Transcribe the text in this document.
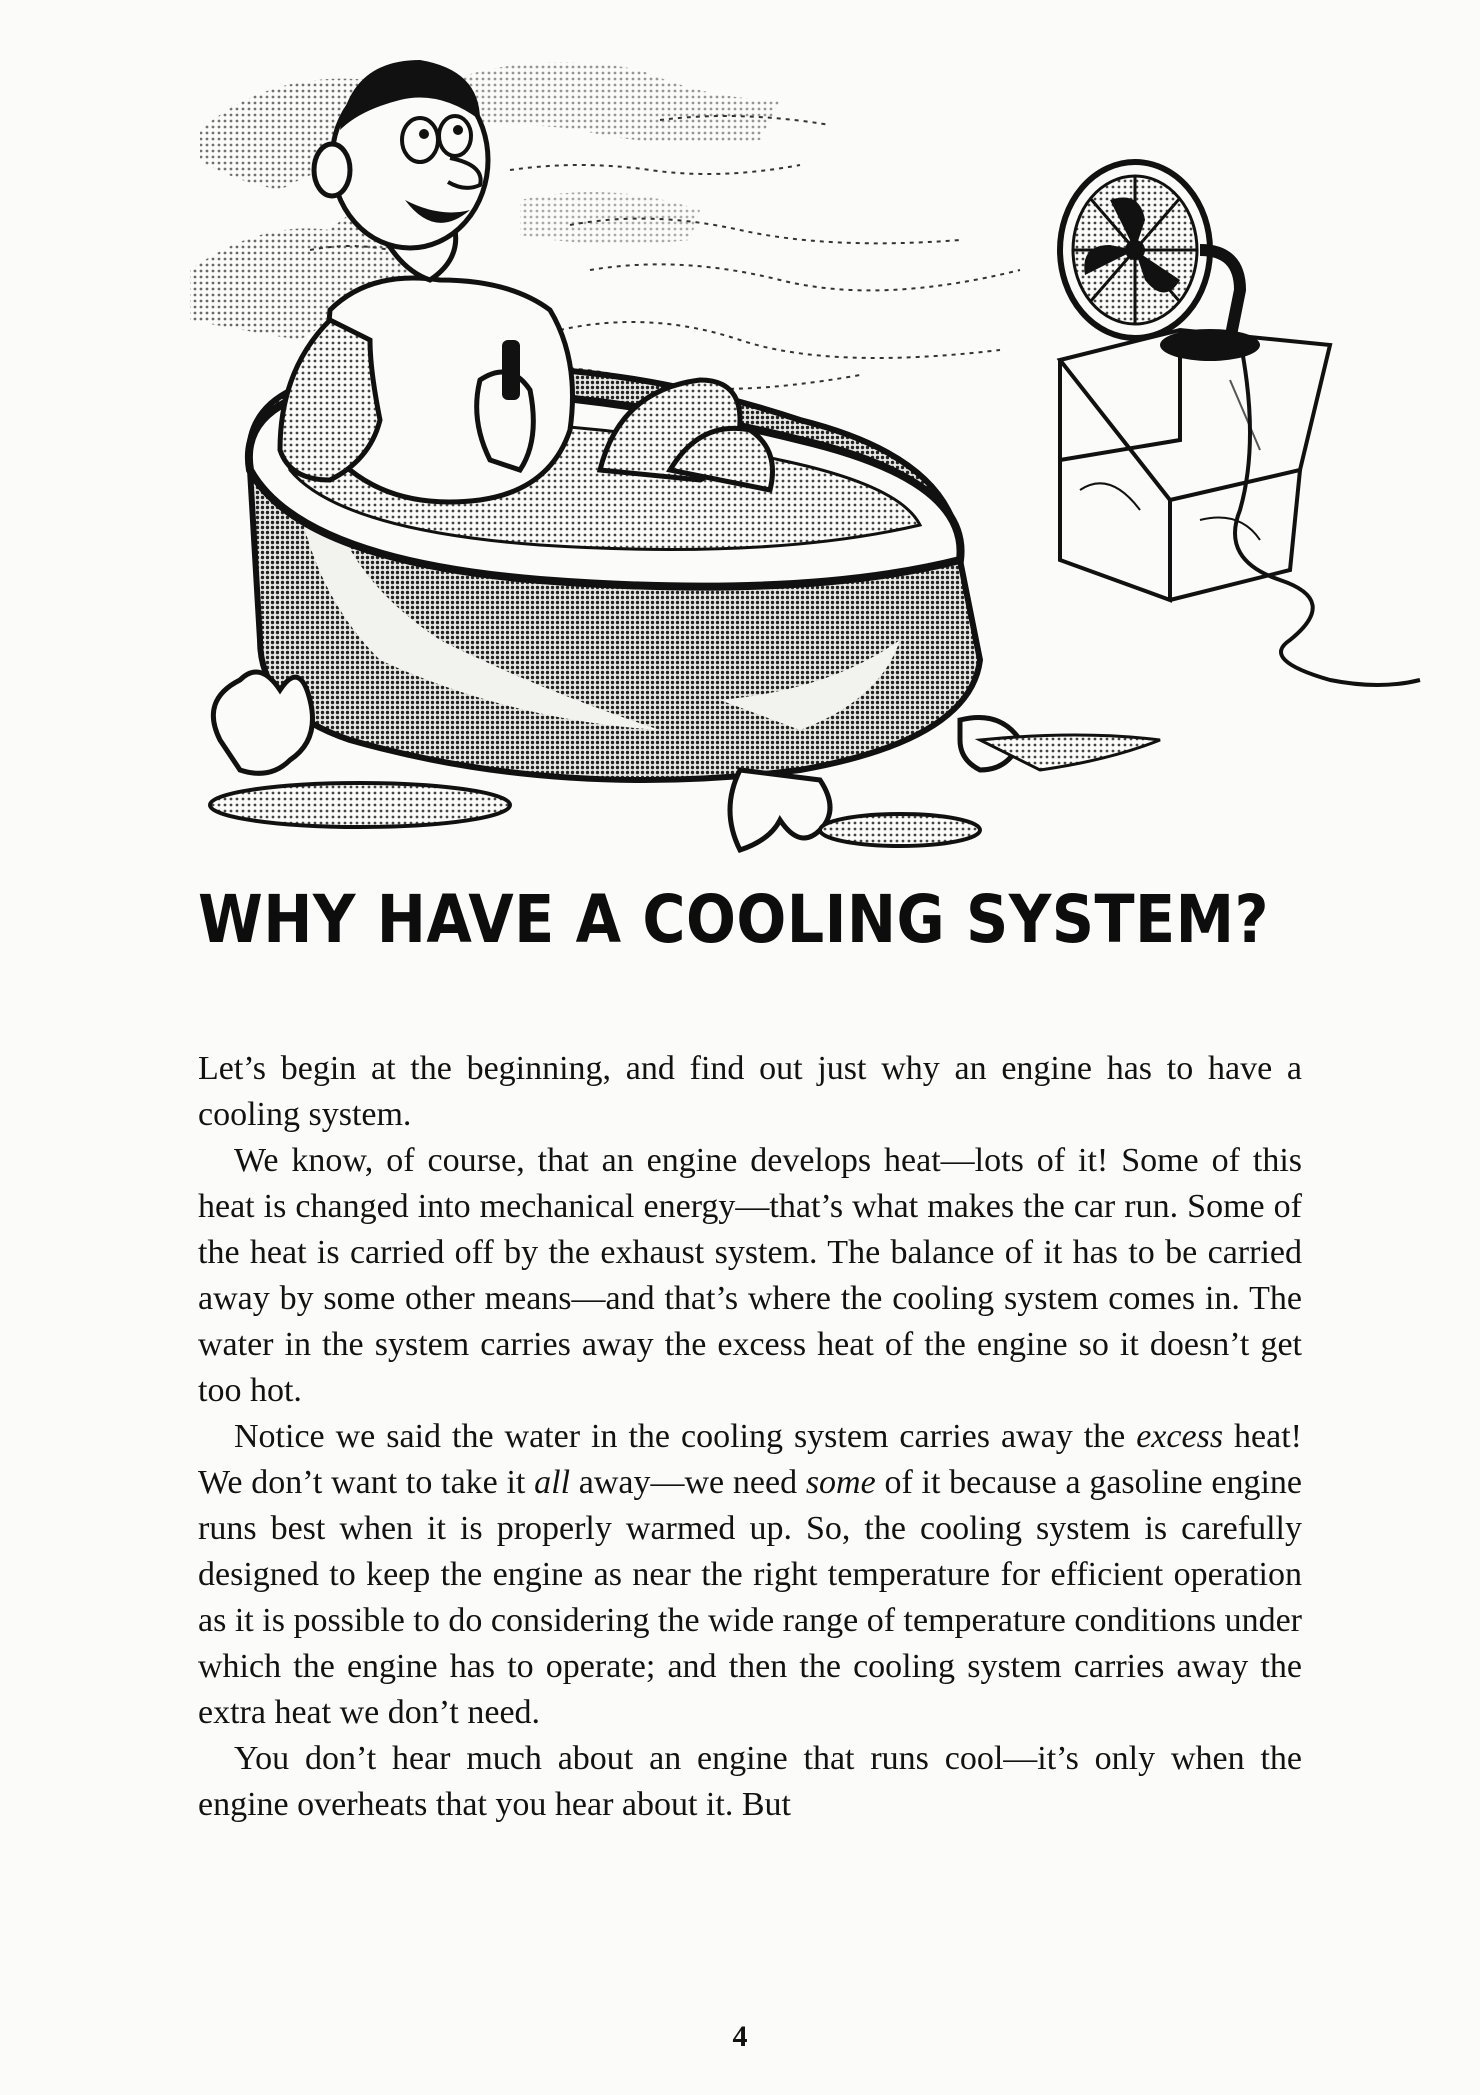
WHY HAVE A COOLING SYSTEM?

Let’s begin at the beginning, and find out just why an engine has to have a cooling system.

We know, of course, that an engine develops heat—lots of it! Some of this heat is changed into mechanical energy—that’s what makes the car run. Some of the heat is carried off by the exhaust system. The balance of it has to be carried away by some other means—and that’s where the cooling system comes in. The water in the system carries away the excess heat of the engine so it doesn’t get too hot.

Notice we said the water in the cooling system carries away the excess heat! We don’t want to take it all away—we need some of it because a gasoline engine runs best when it is properly warmed up. So, the cooling system is carefully designed to keep the engine as near the right temperature for efficient operation as it is possible to do considering the wide range of temperature conditions under which the engine has to operate; and then the cooling system carries away the extra heat we don’t need.

You don’t hear much about an engine that runs cool—it’s only when the engine overheats that you hear about it. But

4
